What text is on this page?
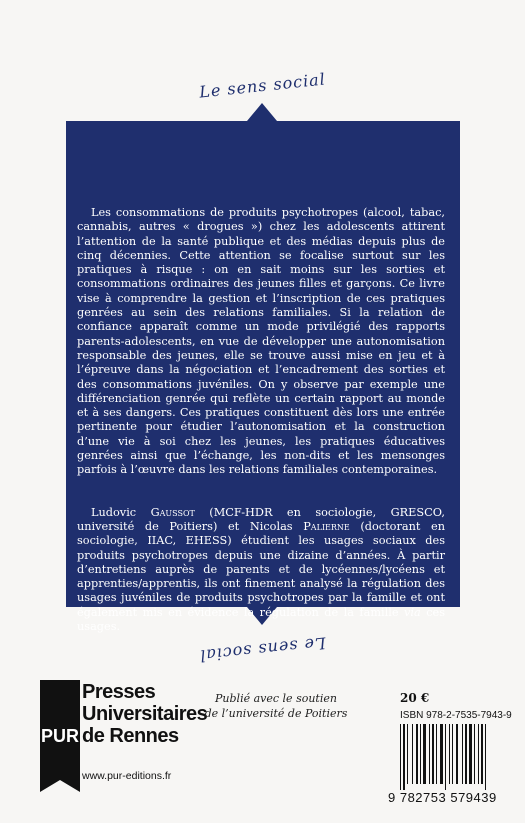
Le sens social

Les consommations de produits psychotropes (alcool, tabac, cannabis, autres « drogues ») chez les adolescents attirent l’attention de la santé publique et des médias depuis plus de cinq décennies. Cette attention se focalise surtout sur les pratiques à risque : on en sait moins sur les sorties et consommations ordinaires des jeunes filles et garçons. Ce livre vise à comprendre la gestion et l’inscription de ces pratiques genrées au sein des relations familiales. Si la relation de confiance apparaît comme un mode privilégié des rapports parents-adolescents, en vue de développer une autonomisation responsable des jeunes, elle se trouve aussi mise en jeu et à l’épreuve dans la négociation et l’encadrement des sorties et des consommations juvéniles. On y observe par exemple une différenciation genrée qui reflète un certain rapport au monde et à ses dangers. Ces pratiques constituent dès lors une entrée pertinente pour étudier l’autonomisation et la construction d’une vie à soi chez les jeunes, les pratiques éducatives genrées ainsi que l’échange, les non-dits et les mensonges parfois à l’œuvre dans les relations familiales contemporaines.

Ludovic Gaussot (MCF-HDR en sociologie, GRESCO, université de Poitiers) et Nicolas Palierne (doctorant en sociologie, IIAC, EHESS) étudient les usages sociaux des produits psychotropes depuis une dizaine d’années. À partir d’entretiens auprès de parents et de lycéennes/lycéens et apprenties/apprentis, ils ont finement analysé la régulation des usages juvéniles de produits psychotropes par la famille et ont également mis en évidence la régulation de la famille via ces usages.

Le sens social
PUR
Presses
Universitaires
de Rennes
www.pur-editions.fr
Publié avec le soutien
de l’université de Poitiers
20 €
ISBN 978-2-7535-7943-9
9 782753 579439
